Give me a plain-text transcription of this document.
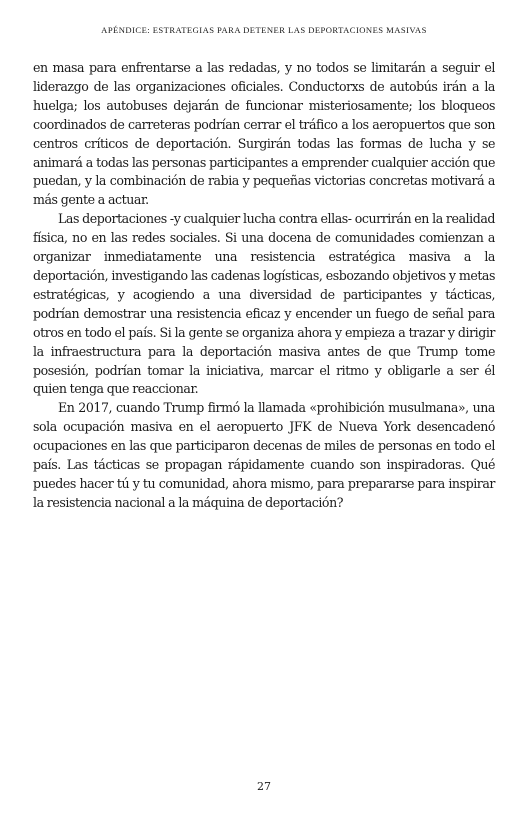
APÉNDICE: ESTRATEGIAS PARA DETENER LAS DEPORTACIONES MASIVAS

en masa para enfrentarse a las redadas, y no todos se limitarán a seguir el liderazgo de las organizaciones oficiales. Conductorxs de autobús irán a la huelga; los autobuses dejarán de funcionar misteriosamente; los bloqueos coordinados de carreteras podrían cerrar el tráfico a los aeropuertos que son centros críticos de deportación. Surgirán todas las formas de lucha y se animará a todas las personas participantes a emprender cualquier acción que puedan, y la combinación de rabia y pequeñas victorias concretas motivará a más gente a actuar.

Las deportaciones -y cualquier lucha contra ellas- ocurrirán en la realidad física, no en las redes sociales. Si una docena de comunidades comienzan a organizar inmediatamente una resistencia estratégica masiva a la deportación, investigando las cadenas logísticas, esbozando objetivos y metas estratégicas, y acogiendo a una diversidad de participantes y tácticas, podrían demostrar una resistencia eficaz y encender un fuego de señal para otros en todo el país. Si la gente se organiza ahora y empieza a trazar y dirigir la infraestructura para la deportación masiva antes de que Trump tome posesión, podrían tomar la iniciativa, marcar el ritmo y obligarle a ser él quien tenga que reaccionar.

En 2017, cuando Trump firmó la llamada «prohibición musulmana», una sola ocupación masiva en el aeropuerto JFK de Nueva York desencadenó ocupaciones en las que participaron decenas de miles de personas en todo el país. Las tácticas se propagan rápidamente cuando son inspiradoras. Qué puedes hacer tú y tu comunidad, ahora mismo, para prepararse para inspirar la resistencia nacional a la máquina de deportación?

27
